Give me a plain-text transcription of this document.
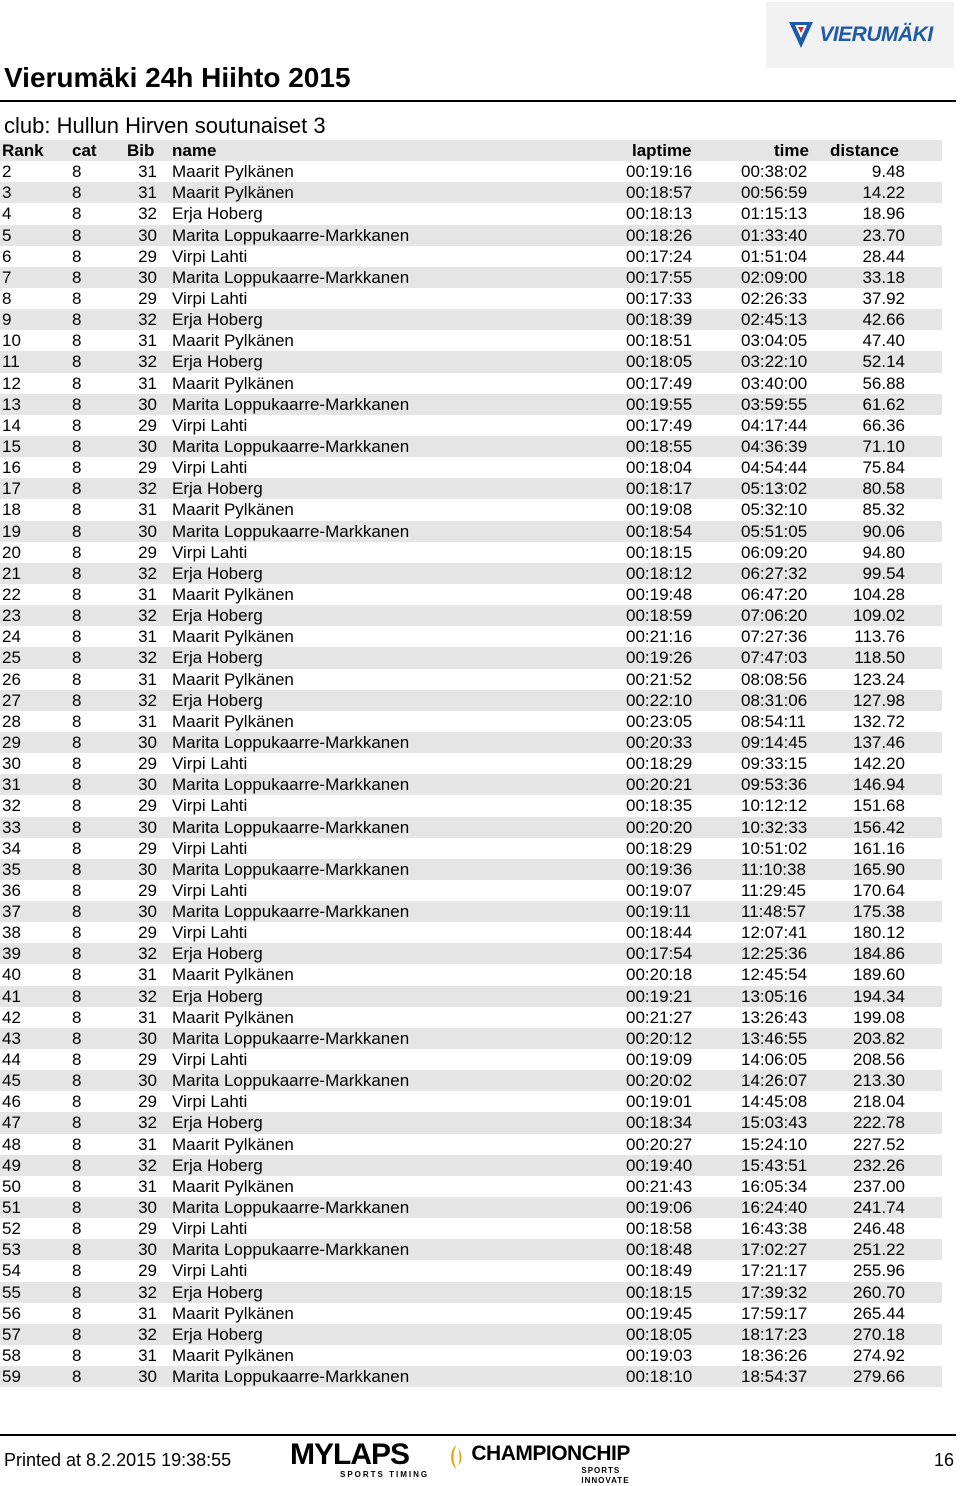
VIERUMÄKI
Vierumäki 24h Hiihto 2015
club: Hullun Hirven soutunaiset 3
Rank cat Bib name	laptime	time distance
2	8	31 Maarit Pylkänen	00:19:16	00:38:02	9.48
3	8	31 Maarit Pylkänen	00:18:57	00:56:59	14.22
4	8	32 Erja Hoberg	00:18:13	01:15:13	18.96
5	8	30 Marita Loppukaarre-Markkanen	00:18:26	01:33:40	23.70
6	8	29 Virpi Lahti	00:17:24	01:51:04	28.44
7	8	30 Marita Loppukaarre-Markkanen	00:17:55	02:09:00	33.18
8	8	29 Virpi Lahti	00:17:33	02:26:33	37.92
9	8	32 Erja Hoberg	00:18:39	02:45:13	42.66
10	8	31 Maarit Pylkänen	00:18:51	03:04:05	47.40
11	8	32 Erja Hoberg	00:18:05	03:22:10	52.14
12	8	31 Maarit Pylkänen	00:17:49	03:40:00	56.88
13	8	30 Marita Loppukaarre-Markkanen	00:19:55	03:59:55	61.62
14	8	29 Virpi Lahti	00:17:49	04:17:44	66.36
15	8	30 Marita Loppukaarre-Markkanen	00:18:55	04:36:39	71.10
16	8	29 Virpi Lahti	00:18:04	04:54:44	75.84
17	8	32 Erja Hoberg	00:18:17	05:13:02	80.58
18	8	31 Maarit Pylkänen	00:19:08	05:32:10	85.32
19	8	30 Marita Loppukaarre-Markkanen	00:18:54	05:51:05	90.06
20	8	29 Virpi Lahti	00:18:15	06:09:20	94.80
21	8	32 Erja Hoberg	00:18:12	06:27:32	99.54
22	8	31 Maarit Pylkänen	00:19:48	06:47:20	104.28
23	8	32 Erja Hoberg	00:18:59	07:06:20	109.02
24	8	31 Maarit Pylkänen	00:21:16	07:27:36	113.76
25	8	32 Erja Hoberg	00:19:26	07:47:03	118.50
26	8	31 Maarit Pylkänen	00:21:52	08:08:56	123.24
27	8	32 Erja Hoberg	00:22:10	08:31:06	127.98
28	8	31 Maarit Pylkänen	00:23:05	08:54:11	132.72
29	8	30 Marita Loppukaarre-Markkanen	00:20:33	09:14:45	137.46
30	8	29 Virpi Lahti	00:18:29	09:33:15	142.20
31	8	30 Marita Loppukaarre-Markkanen	00:20:21	09:53:36	146.94
32	8	29 Virpi Lahti	00:18:35	10:12:12	151.68
33	8	30 Marita Loppukaarre-Markkanen	00:20:20	10:32:33	156.42
34	8	29 Virpi Lahti	00:18:29	10:51:02	161.16
35	8	30 Marita Loppukaarre-Markkanen	00:19:36	11:10:38	165.90
36	8	29 Virpi Lahti	00:19:07	11:29:45	170.64
37	8	30 Marita Loppukaarre-Markkanen	00:19:11	11:48:57	175.38
38	8	29 Virpi Lahti	00:18:44	12:07:41	180.12
39	8	32 Erja Hoberg	00:17:54	12:25:36	184.86
40	8	31 Maarit Pylkänen	00:20:18	12:45:54	189.60
41	8	32 Erja Hoberg	00:19:21	13:05:16	194.34
42	8	31 Maarit Pylkänen	00:21:27	13:26:43	199.08
43	8	30 Marita Loppukaarre-Markkanen	00:20:12	13:46:55	203.82
44	8	29 Virpi Lahti	00:19:09	14:06:05	208.56
45	8	30 Marita Loppukaarre-Markkanen	00:20:02	14:26:07	213.30
46	8	29 Virpi Lahti	00:19:01	14:45:08	218.04
47	8	32 Erja Hoberg	00:18:34	15:03:43	222.78
48	8	31 Maarit Pylkänen	00:20:27	15:24:10	227.52
49	8	32 Erja Hoberg	00:19:40	15:43:51	232.26
50	8	31 Maarit Pylkänen	00:21:43	16:05:34	237.00
51	8	30 Marita Loppukaarre-Markkanen	00:19:06	16:24:40	241.74
52	8	29 Virpi Lahti	00:18:58	16:43:38	246.48
53	8	30 Marita Loppukaarre-Markkanen	00:18:48	17:02:27	251.22
54	8	29 Virpi Lahti	00:18:49	17:21:17	255.96
55	8	32 Erja Hoberg	00:18:15	17:39:32	260.70
56	8	31 Maarit Pylkänen	00:19:45	17:59:17	265.44
57	8	32 Erja Hoberg	00:18:05	18:17:23	270.18
58	8	31 Maarit Pylkänen	00:19:03	18:36:26	274.92
59	8	30 Marita Loppukaarre-Markkanen	00:18:10	18:54:37	279.66
Printed at 8.2.2015 19:38:55 MYLAPS
SPORTS TIMING
CHAMPIONCHIP
SPORTS INNOVATE
16
